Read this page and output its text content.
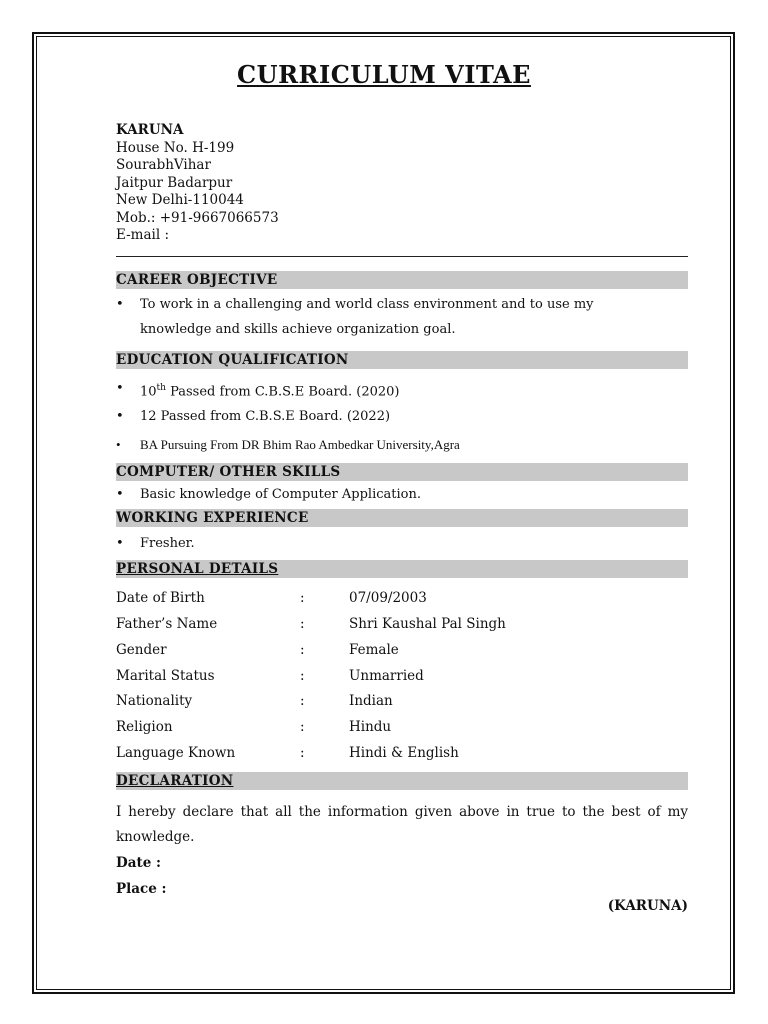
CURRICULUM VITAE
KARUNA
House No. H-199
SourabhVihar
Jaitpur Badarpur
New Delhi-110044
Mob.: +91-9667066573
E-mail :
CAREER OBJECTIVE
• To work in a challenging and world class environment and to use my
knowledge and skills achieve organization goal.
EDUCATION QUALIFICATION
• 10th Passed from C.B.S.E Board. (2020)
• 12 Passed from C.B.S.E Board. (2022)
• BA Pursuing From DR Bhim Rao Ambedkar University,Agra
COMPUTER/ OTHER SKILLS
• Basic knowledge of Computer Application.
WORKING EXPERIENCE
• Fresher.
PERSONAL DETAILS
Date of Birth	:	07/09/2003
Father’s Name	:	Shri Kaushal Pal Singh
Gender	:	Female
Marital Status	:	Unmarried
Nationality	:	Indian
Religion	:	Hindu
Language Known	:	Hindi & English
DECLARATION
I hereby declare that all the information given above in true to the best of my knowledge.
Date :
Place :
(KARUNA)
